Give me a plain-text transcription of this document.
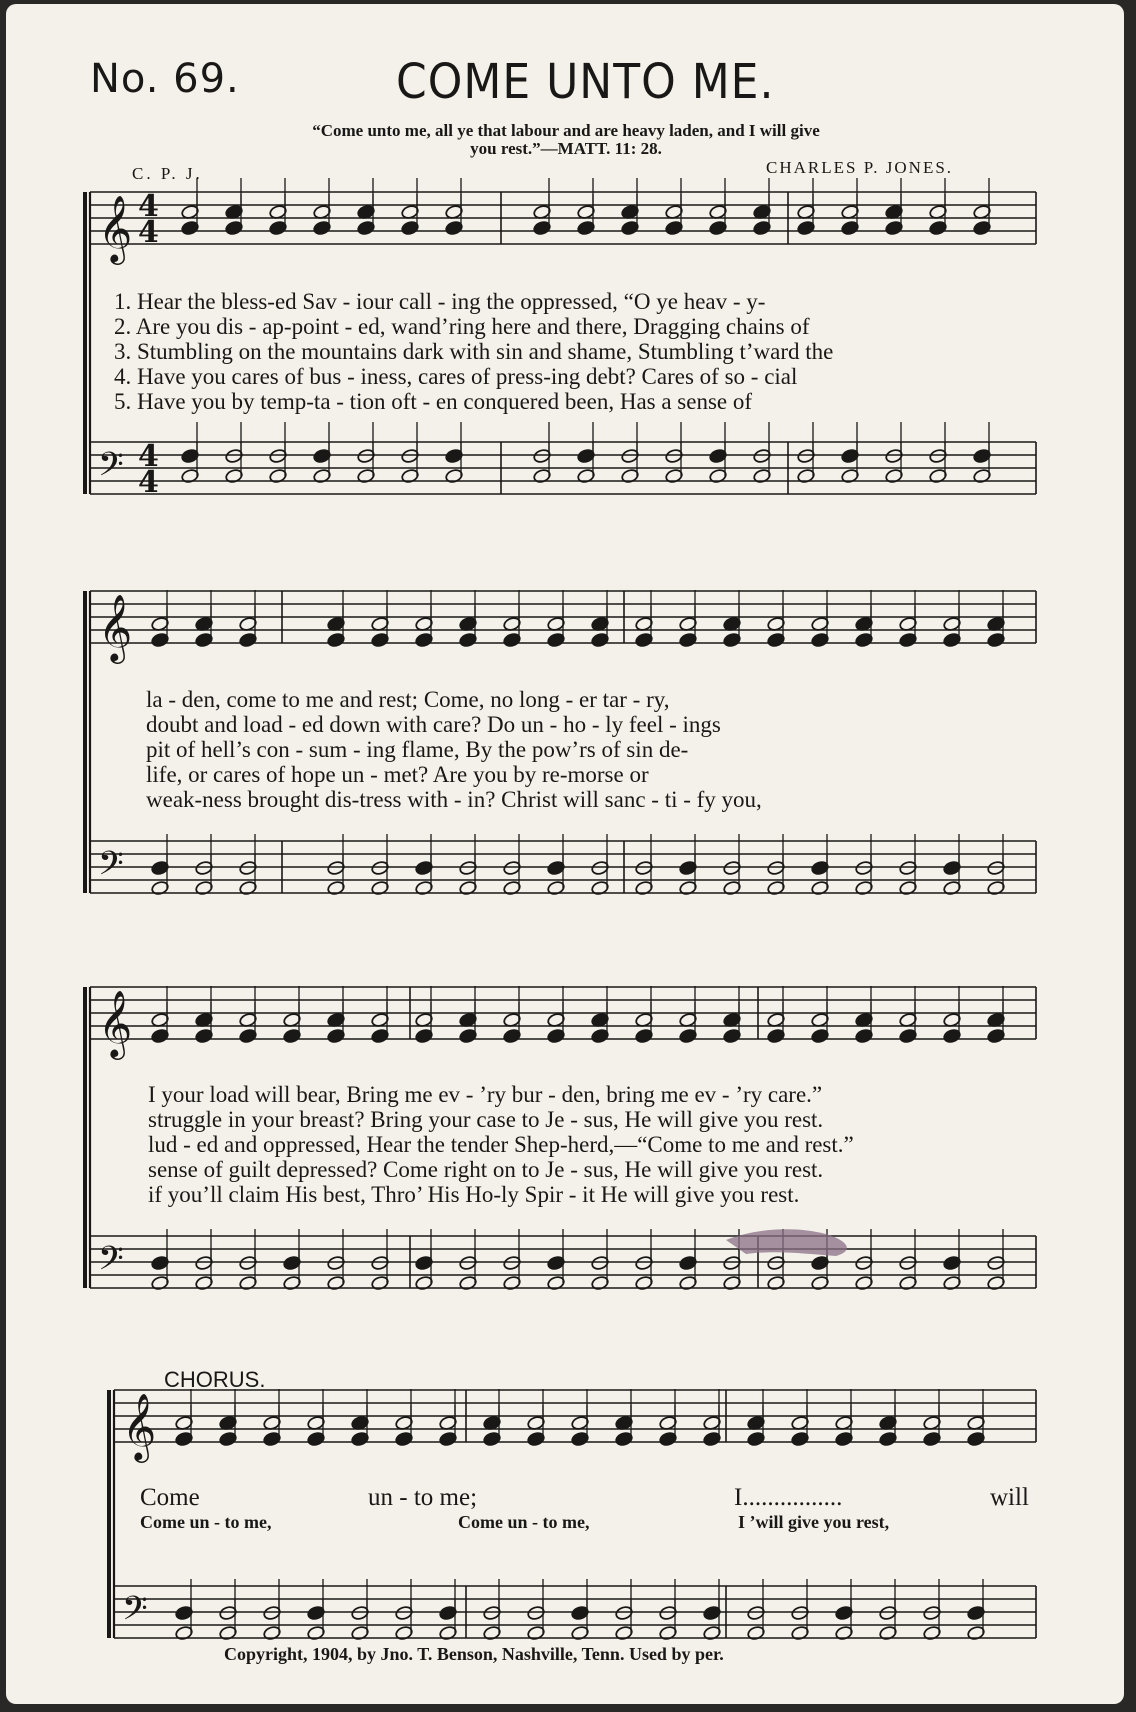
No. 69.	COME UNTO ME.
“Come unto me, all ye that labour and are heavy laden, and I will give
you rest.”—MATT. 11: 28.
C. P. J.	CHARLES P. JONES.
𝄞
𝄢
4
4
4
4
𝄞
𝄢
𝄞
𝄢
𝄞
𝄢
1. Hear the bless-ed Sav - iour call - ing the oppressed, “O ye heav - y-
2. Are you dis - ap-point - ed, wand’ring here and there, Dragging chains of
3. Stumbling on the mountains dark with sin and shame, Stumbling t’ward the
4. Have you cares of bus - iness, cares of press-ing debt? Cares of so - cial
5. Have you by temp-ta - tion oft - en conquered been, Has a sense of
la - den, come to me and rest; Come, no long - er tar - ry,
doubt and load - ed down with care? Do un - ho - ly feel - ings
pit of hell’s con - sum - ing flame, By the pow’rs of sin de-
life, or cares of hope un - met? Are you by re-morse or
weak-ness brought dis-tress with - in? Christ will sanc - ti - fy you,
I your load will bear, Bring me ev - ’ry bur - den, bring me ev - ’ry care.”
struggle in your breast? Bring your case to Je - sus, He will give you rest.
lud - ed and oppressed, Hear the tender Shep-herd,—“Come to me and rest.”
sense of guilt depressed? Come right on to Je - sus, He will give you rest.
if you’ll claim His best, Thro’ His Ho-ly Spir - it He will give you rest.
CHORUS.
Come	un - to me;	I................	will
Come un - to me,	Come un - to me,	I ’will give you rest,
Copyright, 1904, by Jno. T. Benson, Nashville, Tenn. Used by per.
